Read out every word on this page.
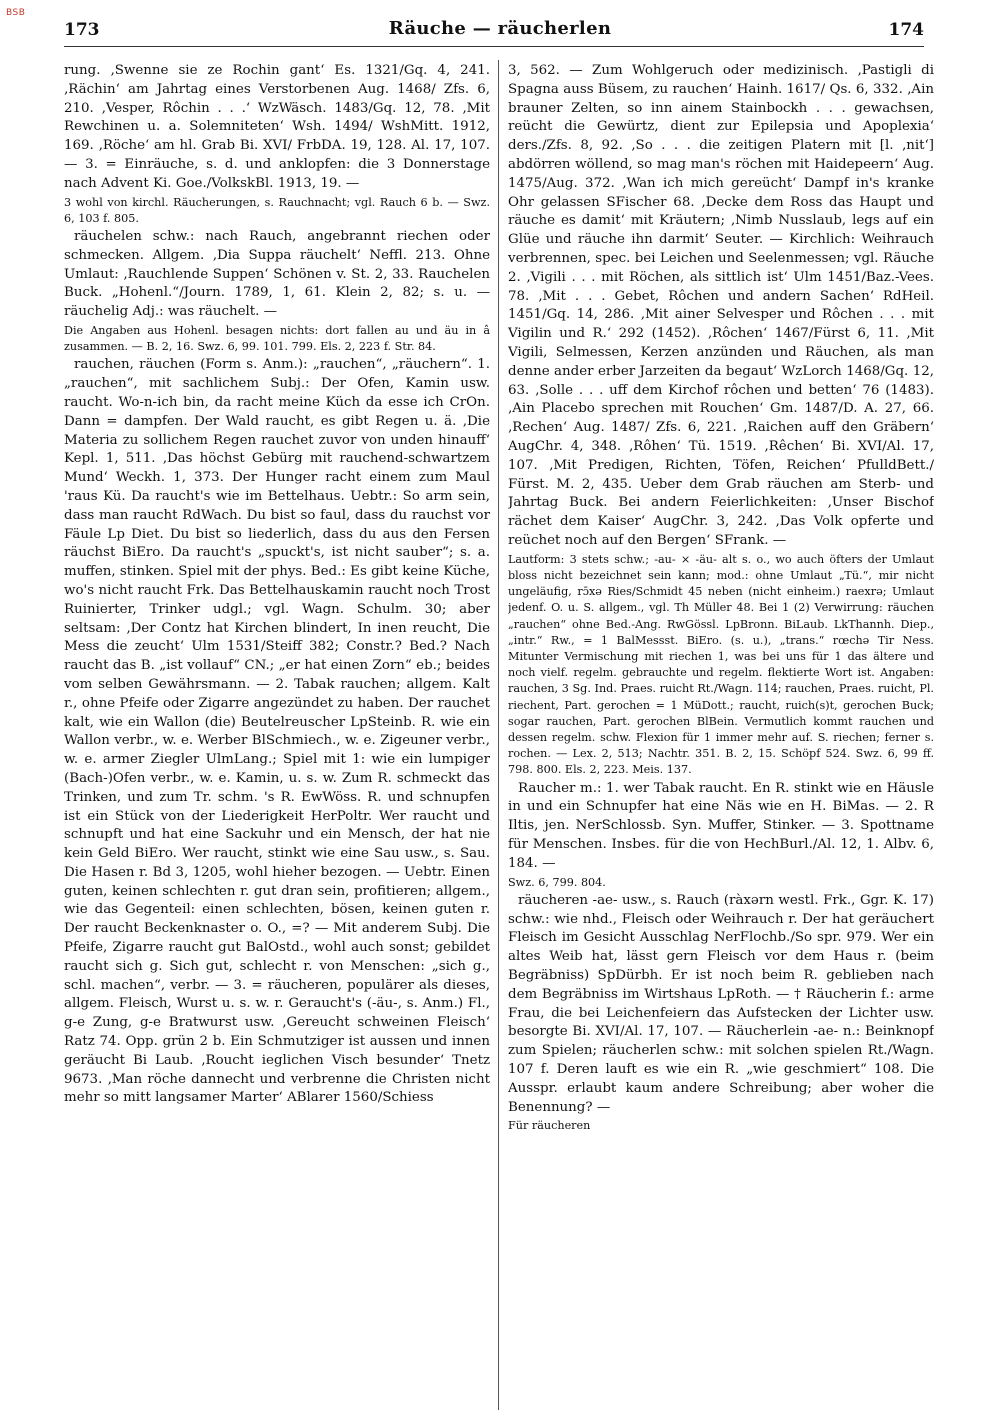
BSB
173	Räuche — räucherlen	174

rung. ‚Swenne sie ze Rochin gant‘ Es. 1321/Gq. 4, 241. ‚Rächin‘ am Jahrtag eines Verstorbenen Aug. 1468/ Zfs. 6, 210. ‚Vesper, Rôchin . . .‘ WzWäsch. 1483/Gq. 12, 78. ‚Mit Rewchinen u. a. Solemniteten‘ Wsh. 1494/ WshMitt. 1912, 169. ‚Röche‘ am hl. Grab Bi. XVI/ FrbDA. 19, 128. Al. 17, 107. — 3. = Einräuche, s. d. und anklopfen: die 3 Donnerstage nach Advent Ki. Goe./VolkskBl. 1913, 19. —

3 wohl von kirchl. Räucherungen, s. Rauchnacht; vgl. Rauch 6 b. — Swz. 6, 103 f. 805.

räuchelen schw.: nach Rauch, angebrannt riechen oder schmecken. Allgem. ‚Dia Suppa räuchelt‘ Neffl. 213. Ohne Umlaut: ‚Rauchlende Suppen‘ Schönen v. St. 2, 33. Rauchelen Buck. „Hohenl.“/Journ. 1789, 1, 61. Klein 2, 82; s. u. — räuchelig Adj.: was räuchelt. —

Die Angaben aus Hohenl. besagen nichts: dort fallen au und äu in â zusammen. — B. 2, 16. Swz. 6, 99. 101. 799. Els. 2, 223 f. Str. 84.

rauchen, räuchen (Form s. Anm.): „rauchen“, „räuchern“. 1. „rauchen“, mit sachlichem Subj.: Der Ofen, Kamin usw. raucht. Wo-n-ich bin, da racht meine Küch da esse ich CrOn. Dann = dampfen. Der Wald raucht, es gibt Regen u. ä. ‚Die Materia zu sollichem Regen rauchet zuvor von unden hinauff‘ Kepl. 1, 511. ‚Das höchst Gebürg mit rauchend-schwartzem Mund‘ Weckh. 1, 373. Der Hunger racht einem zum Maul 'raus Kü. Da raucht's wie im Bettelhaus. Uebtr.: So arm sein, dass man raucht RdWach. Du bist so faul, dass du rauchst vor Fäule Lp Diet. Du bist so liederlich, dass du aus den Fersen räuchst BiEro. Da raucht's „spuckt's, ist nicht sauber“; s. a. muffen, stinken. Spiel mit der phys. Bed.: Es gibt keine Küche, wo's nicht raucht Frk. Das Bettelhauskamin raucht noch Trost Ruinierter, Trinker udgl.; vgl. Wagn. Schulm. 30; aber seltsam: ‚Der Contz hat Kirchen blindert, In inen reucht, Die Mess die zeucht‘ Ulm 1531/Steiff 382; Constr.? Bed.? Nach raucht das B. „ist vollauf“ CN.; „er hat einen Zorn“ eb.; beides vom selben Gewährsmann. — 2. Tabak rauchen; allgem. Kalt r., ohne Pfeife oder Zigarre angezündet zu haben. Der rauchet kalt, wie ein Wallon (die) Beutelreuscher LpSteinb. R. wie ein Wallon verbr., w. e. Werber BlSchmiech., w. e. Zigeuner verbr., w. e. armer Ziegler UlmLang.; Spiel mit 1: wie ein lumpiger (Bach-)Ofen verbr., w. e. Kamin, u. s. w. Zum R. schmeckt das Trinken, und zum Tr. schm. 's R. EwWöss. R. und schnupfen ist ein Stück von der Liederigkeit HerPoltr. Wer raucht und schnupft und hat eine Sackuhr und ein Mensch, der hat nie kein Geld BiEro. Wer raucht, stinkt wie eine Sau usw., s. Sau. Die Hasen r. Bd 3, 1205, wohl hieher bezogen. — Uebtr. Einen guten, keinen schlechten r. gut dran sein, profitieren; allgem., wie das Gegenteil: einen schlechten, bösen, keinen guten r. Der raucht Beckenknaster o. O., =? — Mit anderem Subj. Die Pfeife, Zigarre raucht gut BalOstd., wohl auch sonst; gebildet raucht sich g. Sich gut, schlecht r. von Menschen: „sich g., schl. machen“, verbr. — 3. = räucheren, populärer als dieses, allgem. Fleisch, Wurst u. s. w. r. Geraucht's (-äu-, s. Anm.) Fl., g-e Zung, g-e Bratwurst usw. ‚Gereucht schweinen Fleisch‘ Ratz 74. Opp. grün 2 b. Ein Schmutziger ist aussen und innen geräucht Bi Laub. ‚Roucht ieglichen Visch besunder‘ Tnetz 9673. ‚Man röche dannecht und verbrenne die Christen nicht mehr so mitt langsamer Marter‘ ABlarer 1560/Schiess

3, 562. — Zum Wohlgeruch oder medizinisch. ‚Pastigli di Spagna auss Büsem, zu rauchen‘ Hainh. 1617/ Qs. 6, 332. ‚Ain brauner Zelten, so inn ainem Stainbockh . . . gewachsen, reücht die Gewürtz, dient zur Epilepsia und Apoplexia‘ ders./Zfs. 8, 92. ‚So . . . die zeitigen Platern mit [l. ‚nit‘] abdörren wöllend, so mag man's röchen mit Haidepeern‘ Aug. 1475/Aug. 372. ‚Wan ich mich gereücht‘ Dampf in's kranke Ohr gelassen SFischer 68. ‚Decke dem Ross das Haupt und räuche es damit‘ mit Kräutern; ‚Nimb Nusslaub, legs auf ein Glüe und räuche ihn darmit‘ Seuter. — Kirchlich: Weihrauch verbrennen, spec. bei Leichen und Seelenmessen; vgl. Räuche 2. ‚Vigili . . . mit Röchen, als sittlich ist‘ Ulm 1451/Baz.-Vees. 78. ‚Mit . . . Gebet, Rôchen und andern Sachen‘ RdHeil. 1451/Gq. 14, 286. ‚Mit ainer Selvesper und Rôchen . . . mit Vigilin und R.‘ 292 (1452). ‚Rôchen‘ 1467/Fürst 6, 11. ‚Mit Vigili, Selmessen, Kerzen anzünden und Räuchen, als man denne ander erber Jarzeiten da begaut‘ WzLorch 1468/Gq. 12, 63. ‚Solle . . . uff dem Kirchof rôchen und betten‘ 76 (1483). ‚Ain Placebo sprechen mit Rouchen‘ Gm. 1487/D. A. 27, 66. ‚Rechen‘ Aug. 1487/ Zfs. 6, 221. ‚Raichen auff den Gräbern‘ AugChr. 4, 348. ‚Rôhen‘ Tü. 1519. ‚Rêchen‘ Bi. XVI/Al. 17, 107. ‚Mit Predigen, Richten, Töfen, Reichen‘ PfulldBett./ Fürst. M. 2, 435. Ueber dem Grab räuchen am Sterb- und Jahrtag Buck. Bei andern Feierlichkeiten: ‚Unser Bischof rächet dem Kaiser‘ AugChr. 3, 242. ‚Das Volk opferte und reüchet noch auf den Bergen‘ SFrank. —

Lautform: 3 stets schw.; -au- × -äu- alt s. o., wo auch öfters der Umlaut bloss nicht bezeichnet sein kann; mod.: ohne Umlaut „Tü.“, mir nicht ungeläufig, rɔ̄xə Ries/Schmidt 45 neben (nicht einheim.) raexrə; Umlaut jedenf. O. u. S. allgem., vgl. Th Müller 48. Bei 1 (2) Verwirrung: räuchen „rauchen“ ohne Bed.-Ang. RwGössl. LpBronn. BiLaub. LkThannh. Diep., „intr.“ Rw., = 1 BalMessst. BiEro. (s. u.), „trans.“ rœchə Tir Ness. Mitunter Vermischung mit riechen 1, was bei uns für 1 das ältere und noch vielf. regelm. gebrauchte und regelm. flektierte Wort ist. Angaben: rauchen, 3 Sg. Ind. Praes. ruicht Rt./Wagn. 114; rauchen, Praes. ruicht, Pl. riechent, Part. gerochen = 1 MüDott.; raucht, ruich(s)t, gerochen Buck; sogar rauchen, Part. gerochen BlBein. Vermutlich kommt rauchen und dessen regelm. schw. Flexion für 1 immer mehr auf. S. riechen; ferner s. rochen. — Lex. 2, 513; Nachtr. 351. B. 2, 15. Schöpf 524. Swz. 6, 99 ff. 798. 800. Els. 2, 223. Meis. 137.

Raucher m.: 1. wer Tabak raucht. En R. stinkt wie en Häusle in und ein Schnupfer hat eine Näs wie en H. BiMas. — 2. R Iltis, jen. NerSchlossb. Syn. Muffer, Stinker. — 3. Spottname für Menschen. Insbes. für die von HechBurl./Al. 12, 1. Albv. 6, 184. —

Swz. 6, 799. 804.

räucheren -ae- usw., s. Rauch (ràxərn westl. Frk., Ggr. K. 17) schw.: wie nhd., Fleisch oder Weihrauch r. Der hat geräuchert Fleisch im Gesicht Ausschlag NerFlochb./So spr. 979. Wer ein altes Weib hat, lässt gern Fleisch vor dem Haus r. (beim Begräbniss) SpDürbh. Er ist noch beim R. geblieben nach dem Begräbniss im Wirtshaus LpRoth. — † Räucherin f.: arme Frau, die bei Leichenfeiern das Aufstecken der Lichter usw. besorgte Bi. XVI/Al. 17, 107. — Räucherlein -ae- n.: Beinknopf zum Spielen; räucherlen schw.: mit solchen spielen Rt./Wagn. 107 f. Deren lauft es wie ein R. „wie geschmiert“ 108. Die Ausspr. erlaubt kaum andere Schreibung; aber woher die Benennung? —

Für räucheren
